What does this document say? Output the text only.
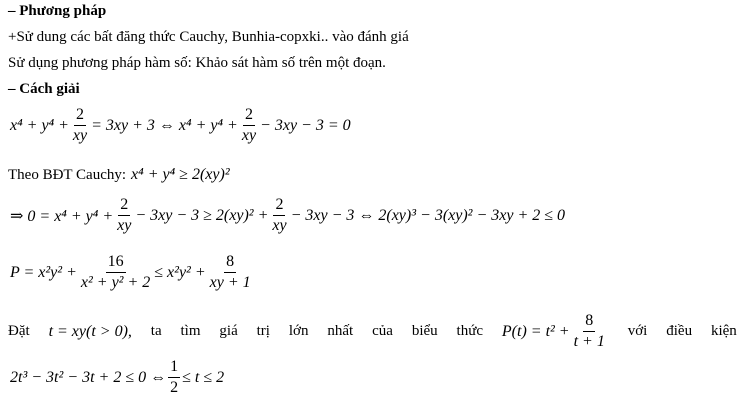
– Phương pháp
+Sử dung các bất đăng thức Cauchy, Bunhia-copxki.. vào đánh giá
Sử dụng phương pháp hàm số: Khảo sát hàm số trên một đoạn.
– Cách giải
$x^4 + y^4 + \frac{2}{xy} = 3xy + 3$ ⇔ $x^4 + y^4 + \frac{2}{xy} - 3xy - 3 = 0$
Theo BĐT Cauchy: x⁴ + y⁴ ≥ 2(xy)²
⇒ $0 = x^4 + y^4 + \frac{2}{xy} - 3xy - 3 \ge 2(xy)^2 + \frac{2}{xy} - 3xy - 3$ ⇔ 2(xy)³ − 3(xy)² − 3xy + 2 ≤ 0
$P = x^2y^2 + \frac{16}{\text{x² + y² + 2}} \le x^2y^2 + \frac{8}{xy + 1}$
Đặt t = xy(t > 0), ta tìm giá trị lớn nhất của biểu thức $P(t) = t^2 + \frac{8}{t + 1}$ với điều kiện
2t³ − 3t² − 3t + 2 ≤ 0 ⇔ $\frac{1}{2} \le t \le 2$
